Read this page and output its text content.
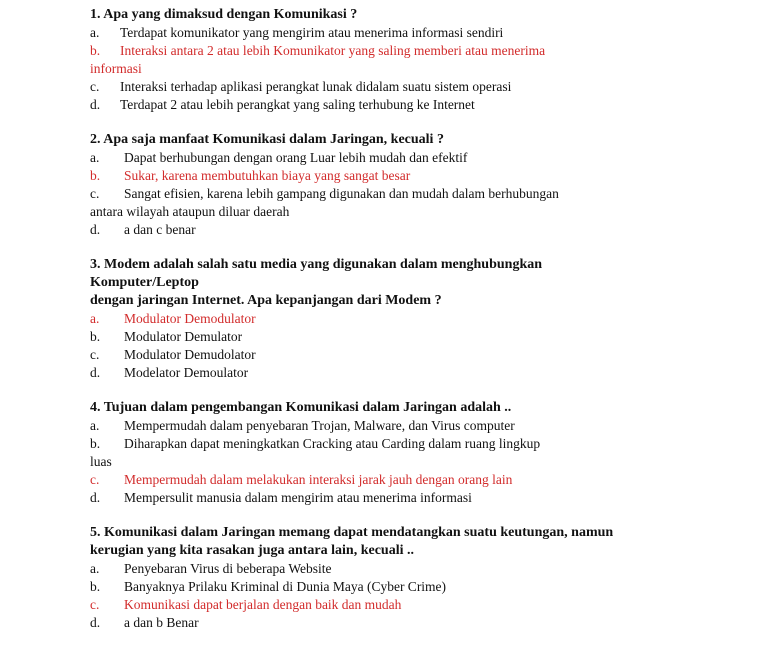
1. Apa yang dimaksud dengan Komunikasi ?

a. Terdapat komunikator yang mengirim atau menerima informasi sendiri

b. Interaksi antara 2 atau lebih Komunikator yang saling memberi atau menerima

informasi

c. Interaksi terhadap aplikasi perangkat lunak didalam suatu sistem operasi

d. Terdapat 2 atau lebih perangkat yang saling terhubung ke Internet

2. Apa saja manfaat Komunikasi dalam Jaringan, kecuali ?

a. Dapat berhubungan dengan orang Luar lebih mudah dan efektif

b. Sukar, karena membutuhkan biaya yang sangat besar

c. Sangat efisien, karena lebih gampang digunakan dan mudah dalam berhubungan

antara wilayah ataupun diluar daerah

d. a dan c benar

3. Modem adalah salah satu media yang digunakan dalam menghubungkan

Komputer/Leptop

dengan jaringan Internet. Apa kepanjangan dari Modem ?

a. Modulator Demodulator

b. Modulator Demulator

c. Modulator Demudolator

d. Modelator Demoulator

4. Tujuan dalam pengembangan Komunikasi dalam Jaringan adalah ..

a. Mempermudah dalam penyebaran Trojan, Malware, dan Virus computer

b. Diharapkan dapat meningkatkan Cracking atau Carding dalam ruang lingkup

luas

c. Mempermudah dalam melakukan interaksi jarak jauh dengan orang lain

d. Mempersulit manusia dalam mengirim atau menerima informasi

5. Komunikasi dalam Jaringan memang dapat mendatangkan suatu keutungan, namun

kerugian yang kita rasakan juga antara lain, kecuali ..

a. Penyebaran Virus di beberapa Website

b. Banyaknya Prilaku Kriminal di Dunia Maya (Cyber Crime)

c. Komunikasi dapat berjalan dengan baik dan mudah

d. a dan b Benar
